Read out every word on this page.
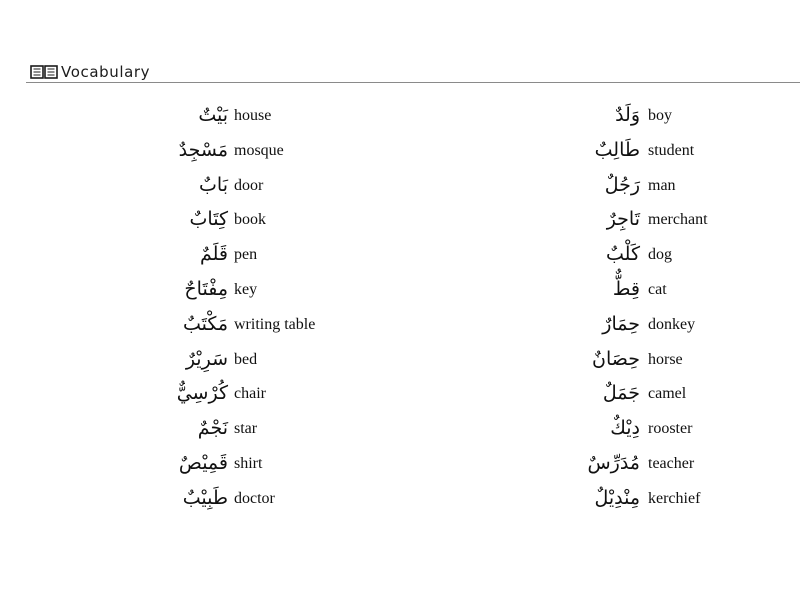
Vocabulary
بَيْتٌ house
مَسْجِدٌ mosque
بَابٌ door
كِتَابٌ book
قَلَمٌ pen
مِفْتَاحٌ key
مَكْتَبٌ writing table
سَرِيْرٌ bed
كُرْسِيٌّ chair
نَجْمٌ star
قَمِيْصٌ shirt
طَبِيْبٌ doctor
وَلَدٌ boy
طَالِبٌ student
رَجُلٌ man
تَاجِرٌ merchant
كَلْبٌ dog
قِطٌّ cat
حِمَارٌ donkey
حِصَانٌ horse
جَمَلٌ camel
دِيْكٌ rooster
مُدَرِّسٌ teacher
مِنْدِيْلٌ kerchief
